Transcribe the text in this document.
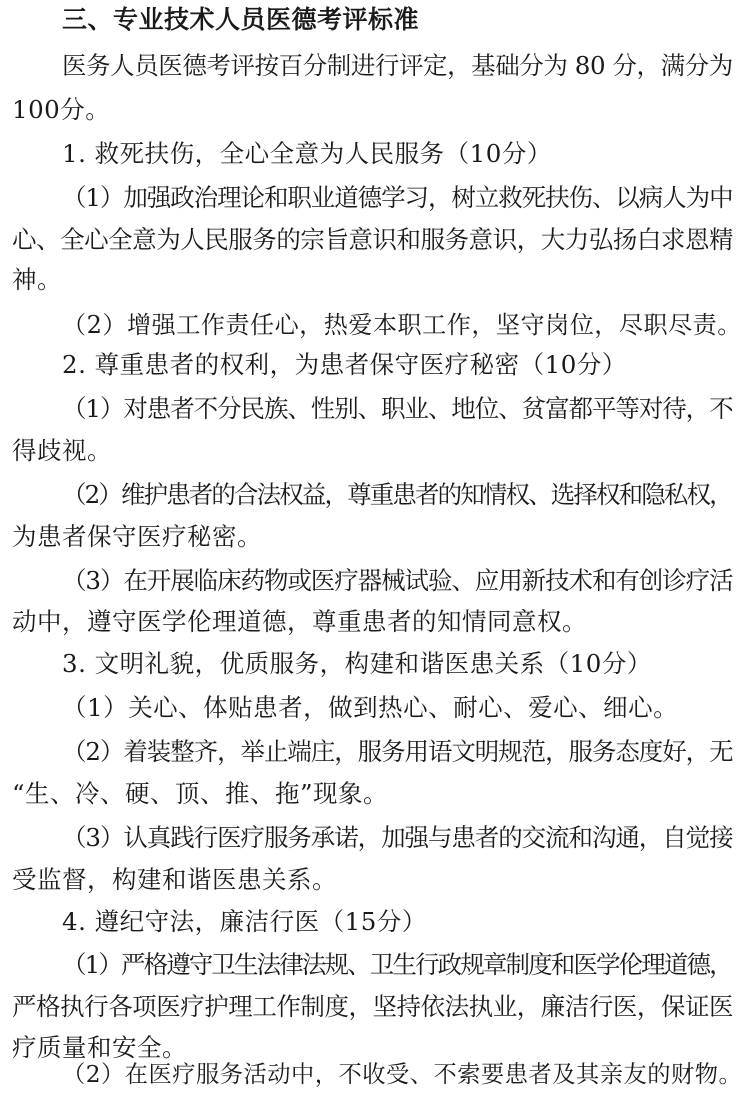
三、专业技术人员医德考评标准
医务人员医德考评按百分制进行评定，基础分为 80 分，满分为
100分。
1. 救死扶伤，全心全意为人民服务（10分）
（1）加强政治理论和职业道德学习，树立救死扶伤、以病人为中
心、全心全意为人民服务的宗旨意识和服务意识，大力弘扬白求恩精
神。
（2）增强工作责任心，热爱本职工作，坚守岗位，尽职尽责。
2. 尊重患者的权利，为患者保守医疗秘密（10分）
（1）对患者不分民族、性别、职业、地位、贫富都平等对待，不
得歧视。
（2）维护患者的合法权益，尊重患者的知情权、选择权和隐私权，
为患者保守医疗秘密。
（3）在开展临床药物或医疗器械试验、应用新技术和有创诊疗活
动中，遵守医学伦理道德，尊重患者的知情同意权。
3. 文明礼貌，优质服务，构建和谐医患关系（10分）
（1）关心、体贴患者，做到热心、耐心、爱心、细心。
（2）着装整齐，举止端庄，服务用语文明规范，服务态度好，无
“生、冷、硬、顶、推、拖”现象。
（3）认真践行医疗服务承诺，加强与患者的交流和沟通，自觉接
受监督，构建和谐医患关系。
4. 遵纪守法，廉洁行医（15分）
（1）严格遵守卫生法律法规、卫生行政规章制度和医学伦理道德，
严格执行各项医疗护理工作制度，坚持依法执业，廉洁行医，保证医
疗质量和安全。
（2）在医疗服务活动中，不收受、不索要患者及其亲友的财物。
